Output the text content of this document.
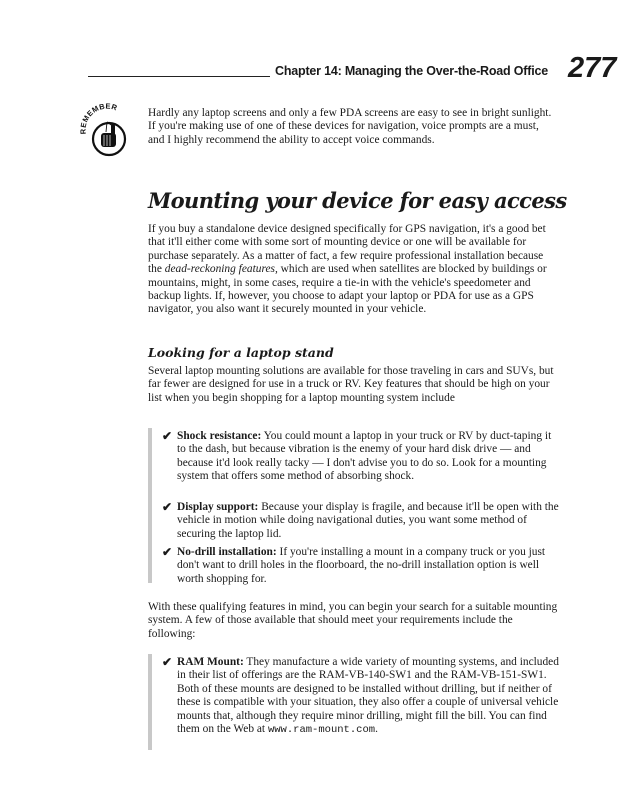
Chapter 14: Managing the Over-the-Road Office 277
REMEMBER	Hardly any laptop screens and only a few PDA screens are easy to see in bright sunlight. If you're making use of one of these devices for navigation, voice prompts are a must, and I highly recommend the ability to accept voice commands.
Mounting your device for easy access
If you buy a standalone device designed specifically for GPS navigation, it's a good bet that it'll either come with some sort of mounting device or one will be available for purchase separately. As a matter of fact, a few require professional installation because the dead-reckoning features, which are used when satellites are blocked by buildings or mountains, might, in some cases, require a tie-in with the vehicle's speedometer and backup lights. If, however, you choose to adapt your laptop or PDA for use as a GPS navigator, you also want it securely mounted in your vehicle.
Looking for a laptop stand
Several laptop mounting solutions are available for those traveling in cars and SUVs, but far fewer are designed for use in a truck or RV. Key features that should be high on your list when you begin shopping for a laptop mounting system include
✔ Shock resistance: You could mount a laptop in your truck or RV by duct-taping it to the dash, but because vibration is the enemy of your hard disk drive — and because it'd look really tacky — I don't advise you to do so. Look for a mounting system that offers some method of absorbing shock.
✔ Display support: Because your display is fragile, and because it'll be open with the vehicle in motion while doing navigational duties, you want some method of securing the laptop lid.
✔ No-drill installation: If you're installing a mount in a company truck or you just don't want to drill holes in the floorboard, the no-drill installation option is well worth shopping for.
With these qualifying features in mind, you can begin your search for a suitable mounting system. A few of those available that should meet your requirements include the following:
✔ RAM Mount: They manufacture a wide variety of mounting systems, and included in their list of offerings are the RAM-VB-140-SW1 and the RAM-VB-151-SW1. Both of these mounts are designed to be installed without drilling, but if neither of these is compatible with your situation, they also offer a couple of universal vehicle mounts that, although they require minor drilling, might fill the bill. You can find them on the Web at www.ram-mount.com.
